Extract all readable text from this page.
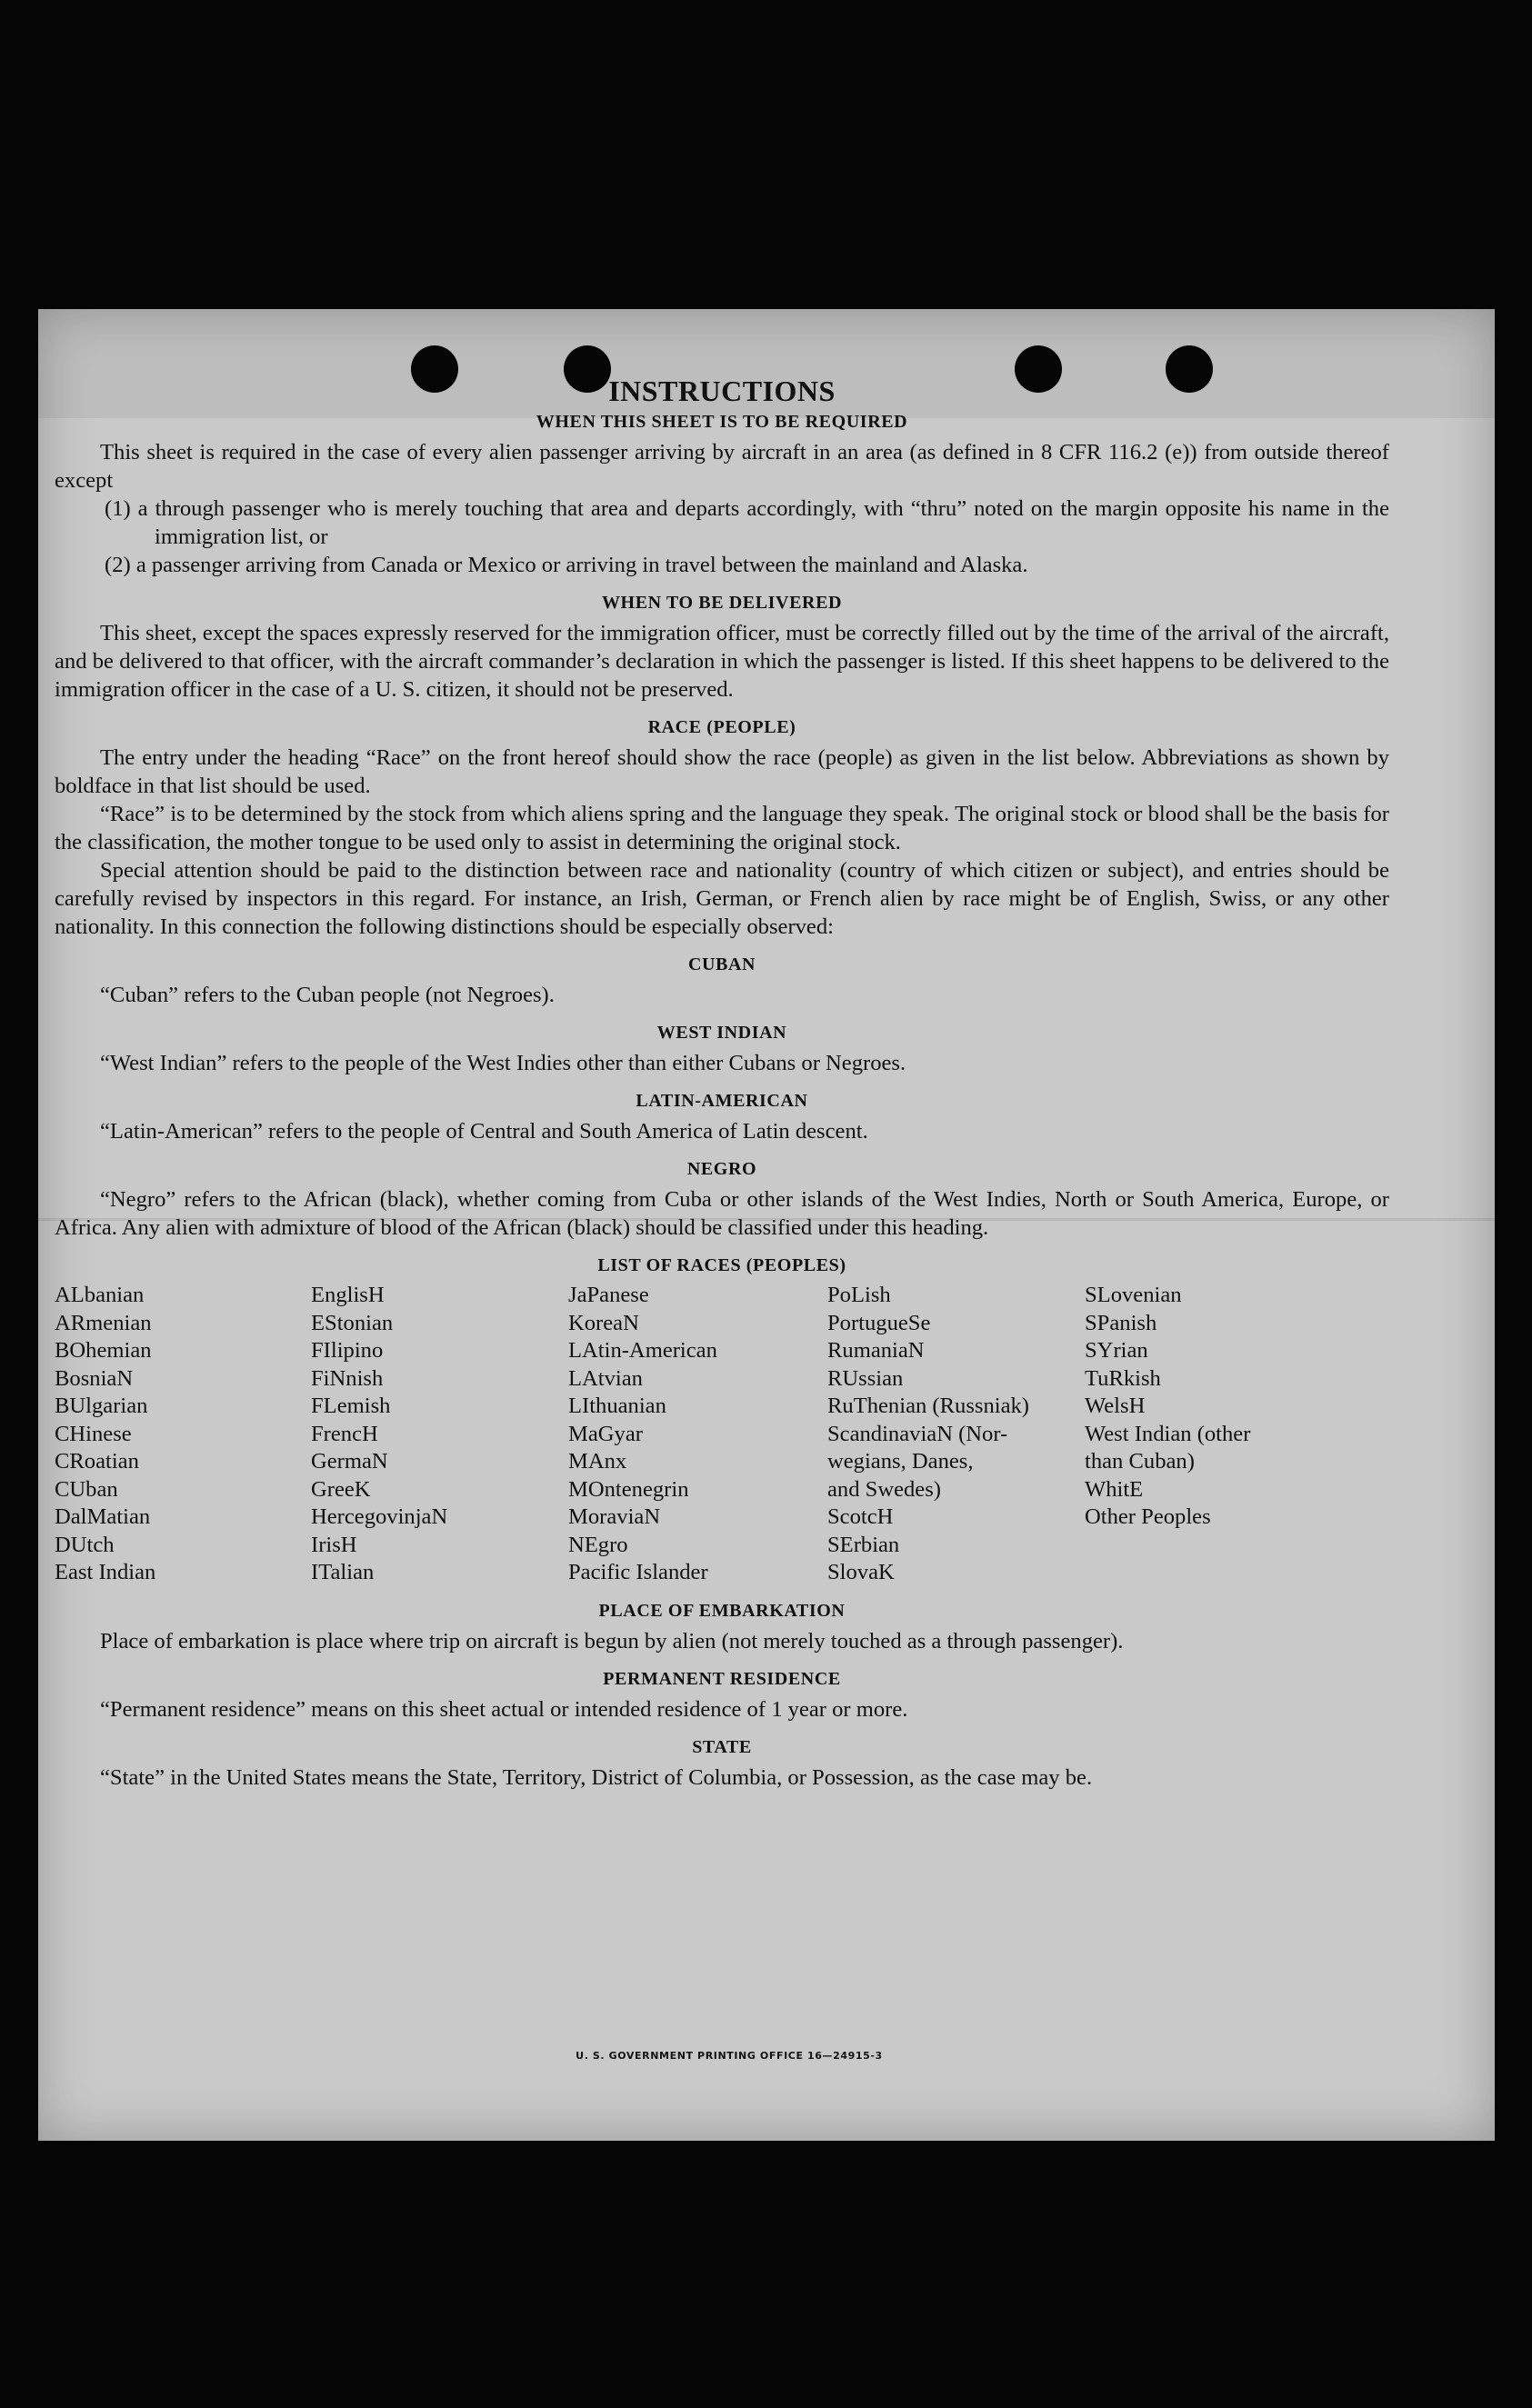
INSTRUCTIONS
WHEN THIS SHEET IS TO BE REQUIRED

This sheet is required in the case of every alien passenger arriving by aircraft in an area (as defined in 8 CFR 116.2 (e)) from outside thereof except

(1) a through passenger who is merely touching that area and departs accordingly, with “thru” noted on the margin opposite his name in the immigration list, or

(2) a passenger arriving from Canada or Mexico or arriving in travel between the mainland and Alaska.

WHEN TO BE DELIVERED

This sheet, except the spaces expressly reserved for the immigration officer, must be correctly filled out by the time of the arrival of the aircraft, and be delivered to that officer, with the aircraft commander’s declaration in which the passenger is listed. If this sheet happens to be delivered to the immigration officer in the case of a U. S. citizen, it should not be preserved.

RACE (PEOPLE)

The entry under the heading “Race” on the front hereof should show the race (people) as given in the list below. Abbreviations as shown by boldface in that list should be used.

“Race” is to be determined by the stock from which aliens spring and the language they speak. The original stock or blood shall be the basis for the classification, the mother tongue to be used only to assist in determining the original stock.

Special attention should be paid to the distinction between race and nationality (country of which citizen or subject), and entries should be carefully revised by inspectors in this regard. For instance, an Irish, German, or French alien by race might be of English, Swiss, or any other nationality. In this connection the following distinctions should be especially observed:

CUBAN

“Cuban” refers to the Cuban people (not Negroes).

WEST INDIAN

“West Indian” refers to the people of the West Indies other than either Cubans or Negroes.

LATIN-AMERICAN

“Latin-American” refers to the people of Central and South America of Latin descent.

NEGRO

“Negro” refers to the African (black), whether coming from Cuba or other islands of the West Indies, North or South America, Europe, or Africa. Any alien with admixture of blood of the African (black) should be classified under this heading.

LIST OF RACES (PEOPLES)
ALbanian
ARmenian
BOhemian
BosniaN
BUlgarian
CHinese
CRoatian
CUban
DalMatian
DUtch
East Indian
EnglisH
EStonian
FIlipino
FiNnish
FLemish
FrencH
GermaN
GreeK
HercegovinjaN
IrisH
ITalian
JaPanese
KoreaN
LAtin-American
LAtvian
LIthuanian
MaGyar
MAnx
MOntenegrin
MoraviaN
NEgro
Pacific Islander
PoLish
PortugueSe
RumaniaN
RUssian
RuThenian (Russniak)
ScandinaviaN (Nor-
wegians, Danes,
and Swedes)
ScotcH
SErbian
SlovaK
SLovenian
SPanish
SYrian
TuRkish
WelsH
West Indian (other
than Cuban)
WhitE
Other Peoples
PLACE OF EMBARKATION

Place of embarkation is place where trip on aircraft is begun by alien (not merely touched as a through passenger).

PERMANENT RESIDENCE

“Permanent residence” means on this sheet actual or intended residence of 1 year or more.

STATE

“State” in the United States means the State, Territory, District of Columbia, or Possession, as the case may be.

U. S. GOVERNMENT PRINTING OFFICE 16—24915-3
